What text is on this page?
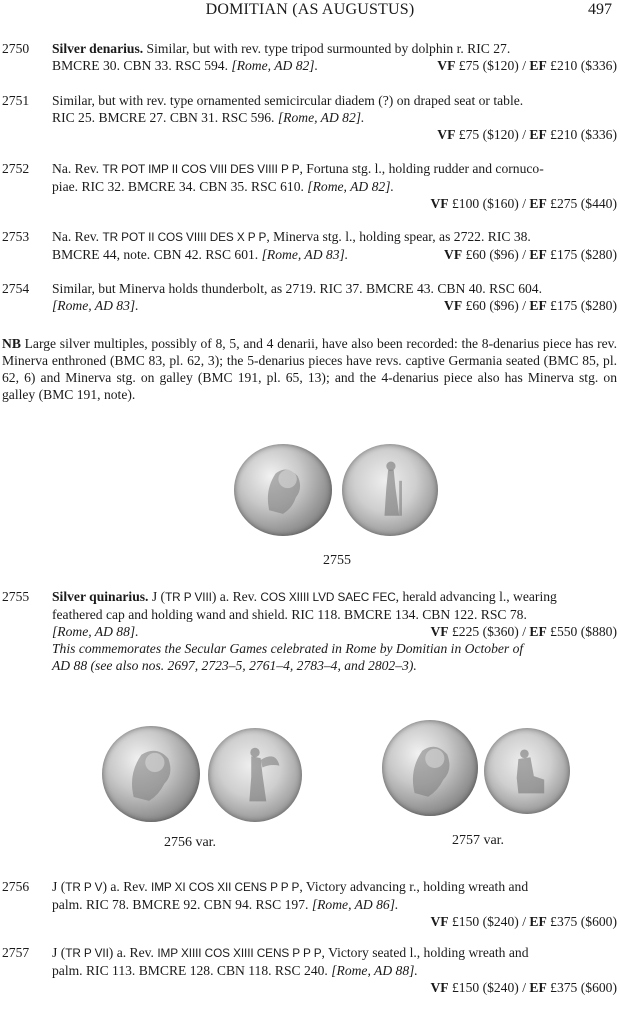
DOMITIAN (AS AUGUSTUS)	497
2750 Silver denarius. Similar, but with rev. type tripod surmounted by dolphin r. RIC 27.

BMCRE 30. CBN 33. RSC 594. [Rome, AD 82].	VF £75 ($120) / EF £210 ($336)

2751 Similar, but with rev. type ornamented semicircular diadem (?) on draped seat or table.

RIC 25. BMCRE 27. CBN 31. RSC 596. [Rome, AD 82].

VF £75 ($120) / EF £210 ($336)

2752 Na. Rev. TR POT IMP II COS VIII DES VIIII P P, Fortuna stg. l., holding rudder and cornuco-

piae. RIC 32. BMCRE 34. CBN 35. RSC 610. [Rome, AD 82].

VF £100 ($160) / EF £275 ($440)

2753 Na. Rev. TR POT II COS VIIII DES X P P, Minerva stg. l., holding spear, as 2722. RIC 38.

BMCRE 44, note. CBN 42. RSC 601. [Rome, AD 83].	VF £60 ($96) / EF £175 ($280)

2754 Similar, but Minerva holds thunderbolt, as 2719. RIC 37. BMCRE 43. CBN 40. RSC 604.

[Rome, AD 83].	VF £60 ($96) / EF £175 ($280)

NB Large silver multiples, possibly of 8, 5, and 4 denarii, have also been recorded: the 8-denarius piece has rev. Minerva enthroned (BMC 83, pl. 62, 3); the 5-denarius pieces have revs. captive Germania seated (BMC 85, pl. 62, 6) and Minerva stg. on galley (BMC 191, pl. 65, 13); and the 4-denarius piece also has Minerva stg. on galley (BMC 191, note).

2755
2755 Silver quinarius. J (TR P VIII) a. Rev. COS XIIII LVD SAEC FEC, herald advancing l., wearing

feathered cap and holding wand and shield. RIC 118. BMCRE 134. CBN 122. RSC 78.

[Rome, AD 88].	VF £225 ($360) / EF £550 ($880)

This commemorates the Secular Games celebrated in Rome by Domitian in October of

AD 88 (see also nos. 2697, 2723–5, 2761–4, 2783–4, and 2802–3).

2756 var.	2757 var.
2756 J (TR P V) a. Rev. IMP XI COS XII CENS P P P, Victory advancing r., holding wreath and

palm. RIC 78. BMCRE 92. CBN 94. RSC 197. [Rome, AD 86].

VF £150 ($240) / EF £375 ($600)

2757 J (TR P VII) a. Rev. IMP XIIII COS XIIII CENS P P P, Victory seated l., holding wreath and

palm. RIC 113. BMCRE 128. CBN 118. RSC 240. [Rome, AD 88].

VF £150 ($240) / EF £375 ($600)
